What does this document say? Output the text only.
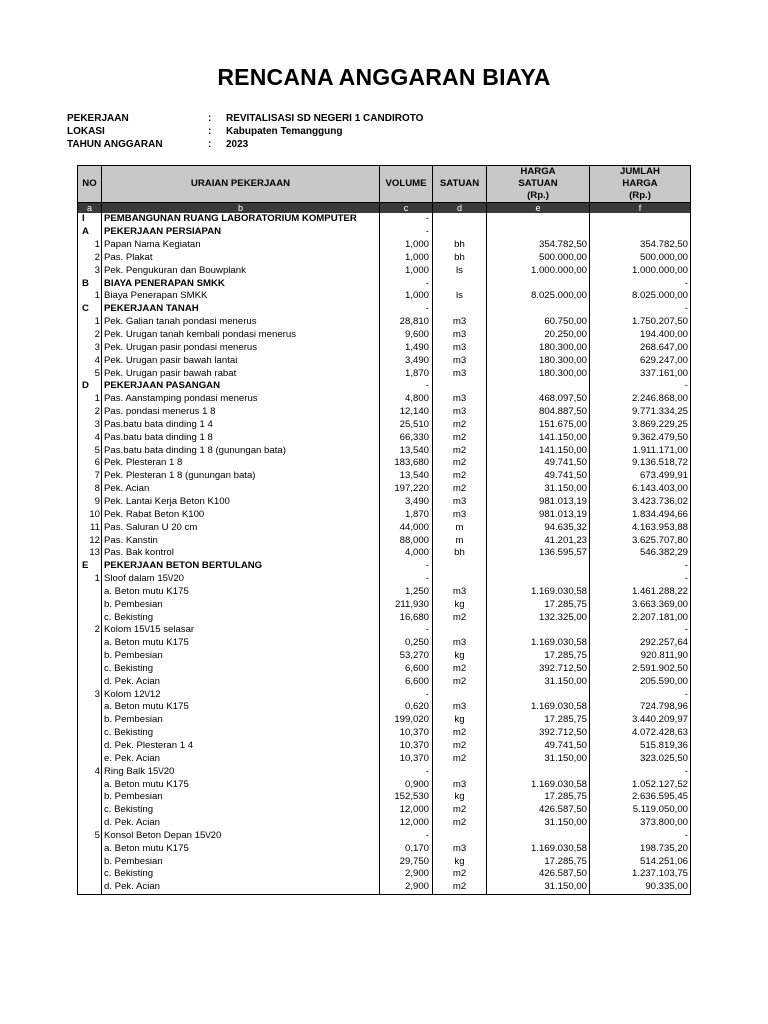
RENCANA ANGGARAN BIAYA
PEKERJAAN	: REVITALISASI SD NEGERI 1 CANDIROTO
LOKASI	: Kabupaten Temanggung
TAHUN ANGGARAN	: 2023
NO	URAIAN PEKERJAAN	VOLUME	SATUAN	HARGA
SATUAN
(Rp.)	JUMLAH
HARGA
(Rp.)
a	b	c	d	e	f
I	PEMBANGUNAN RUANG LABORATORIUM KOMPUTER	-			
A	PEKERJAAN PERSIAPAN	-			
1	Papan Nama Kegiatan	1,000	bh	354.782,50	354.782,50
2	Pas. Plakat	1,000	bh	500.000,00	500.000,00
3	Pek. Pengukuran dan Bouwplank	1,000	ls	1.000.000,00	1.000.000,00
B	BIAYA PENERAPAN SMKK	-			-
1	Biaya Penerapan SMKK	1,000	ls	8.025.000,00	8.025.000,00
C	PEKERJAAN TANAH	-			-
1	Pek. Galian tanah pondasi menerus	28,810	m3	60.750,00	1.750.207,50
2	Pek. Urugan tanah kembali pondasi menerus	9,600	m3	20.250,00	194.400,00
3	Pek. Urugan pasir pondasi menerus	1,490	m3	180.300,00	268.647,00
4	Pek. Urugan pasir bawah lantai	3,490	m3	180.300,00	629.247,00
5	Pek. Urugan pasir bawah rabat	1,870	m3	180.300,00	337.161,00
D	PEKERJAAN PASANGAN	-			-
1	Pas. Aanstamping pondasi menerus	4,800	m3	468.097,50	2.246.868,00
2	Pas. pondasi menerus 1 8	12,140	m3	804.887,50	9.771.334,25
3	Pas.batu bata dinding 1 4	25,510	m2	151.675,00	3.869.229,25
4	Pas.batu bata dinding 1 8	66,330	m2	141.150,00	9.362.479,50
5	Pas.batu bata dinding 1 8 (gunungan bata)	13,540	m2	141.150,00	1.911.171,00
6	Pek. Plesteran 1 8	183,680	m2	49.741,50	9.136.518,72
7	Pek. Plesteran 1 8 (gunungan bata)	13,540	m2	49.741,50	673.499,91
8	Pek. Acian	197,220	m2	31.150,00	6.143.403,00
9	Pek. Lantai Kerja Beton K100	3,490	m3	981.013,19	3.423.736,02
10	Pek. Rabat Beton K100	1,870	m3	981.013,19	1.834.494,66
11	Pas. Saluran U 20 cm	44,000	m	94.635,32	4.163.953,88
12	Pas. Kanstin	88,000	m	41.201,23	3.625.707,80
13	Pas. Bak kontrol	4,000	bh	136.595,57	546.382,29
E	PEKERJAAN BETON BERTULANG	-			-
1	Sloof dalam 15\/20	-			-
	a. Beton mutu K175	1,250	m3	1.169.030,58	1.461.288,22
	b. Pembesian	211,930	kg	17.285,75	3.663.369,00
	c. Bekisting	16,680	m2	132.325,00	2.207.181,00
2	Kolom 15\/15 selasar	-			-
	a. Beton mutu K175	0,250	m3	1.169.030,58	292.257,64
	b. Pembesian	53,270	kg	17.285,75	920.811,90
	c. Bekisting	6,600	m2	392.712,50	2.591.902,50
	d. Pek. Acian	6,600	m2	31.150,00	205.590,00
3	Kolom 12\/12	-			-
	a. Beton mutu K175	0,620	m3	1.169.030,58	724.798,96
	b. Pembesian	199,020	kg	17.285,75	3.440.209,97
	c. Bekisting	10,370	m2	392.712,50	4.072.428,63
	d. Pek. Plesteran 1 4	10,370	m2	49.741,50	515.819,36
	e. Pek. Acian	10,370	m2	31.150,00	323.025,50
4	Ring Balk 15\/20	-			-
	a. Beton mutu K175	0,900	m3	1.169.030,58	1.052.127,52
	b. Pembesian	152,530	kg	17.285,75	2.636.595,45
	c. Bekisting	12,000	m2	426.587,50	5.119.050,00
	d. Pek. Acian	12,000	m2	31.150,00	373.800,00
5	Konsol Beton Depan 15\/20	-			-
	a. Beton mutu K175	0,170	m3	1.169.030,58	198.735,20
	b. Pembesian	29,750	kg	17.285,75	514.251,06
	c. Bekisting	2,900	m2	426.587,50	1.237.103,75
	d. Pek. Acian	2,900	m2	31.150,00	90.335,00
